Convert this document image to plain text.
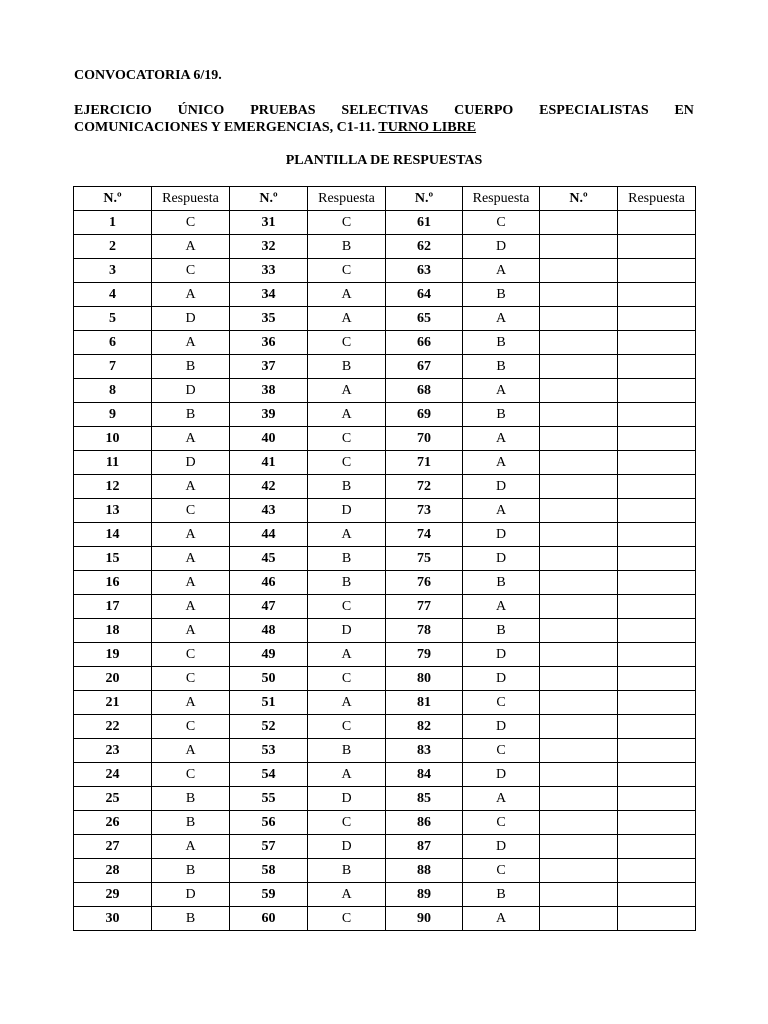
CONVOCATORIA 6/19.

EJERCICIO ÚNICO PRUEBAS SELECTIVAS CUERPO ESPECIALISTAS EN
COMUNICACIONES Y EMERGENCIAS, C1-11. TURNO LIBRE

PLANTILLA DE RESPUESTAS

N.º	Respuesta	N.º	Respuesta	N.º	Respuesta	N.º	Respuesta
1	C	31	C	61	C		
2	A	32	B	62	D		
3	C	33	C	63	A		
4	A	34	A	64	B		
5	D	35	A	65	A		
6	A	36	C	66	B		
7	B	37	B	67	B		
8	D	38	A	68	A		
9	B	39	A	69	B		
10	A	40	C	70	A		
11	D	41	C	71	A		
12	A	42	B	72	D		
13	C	43	D	73	A		
14	A	44	A	74	D		
15	A	45	B	75	D		
16	A	46	B	76	B		
17	A	47	C	77	A		
18	A	48	D	78	B		
19	C	49	A	79	D		
20	C	50	C	80	D		
21	A	51	A	81	C		
22	C	52	C	82	D		
23	A	53	B	83	C		
24	C	54	A	84	D		
25	B	55	D	85	A		
26	B	56	C	86	C		
27	A	57	D	87	D		
28	B	58	B	88	C		
29	D	59	A	89	B		
30	B	60	C	90	A		
